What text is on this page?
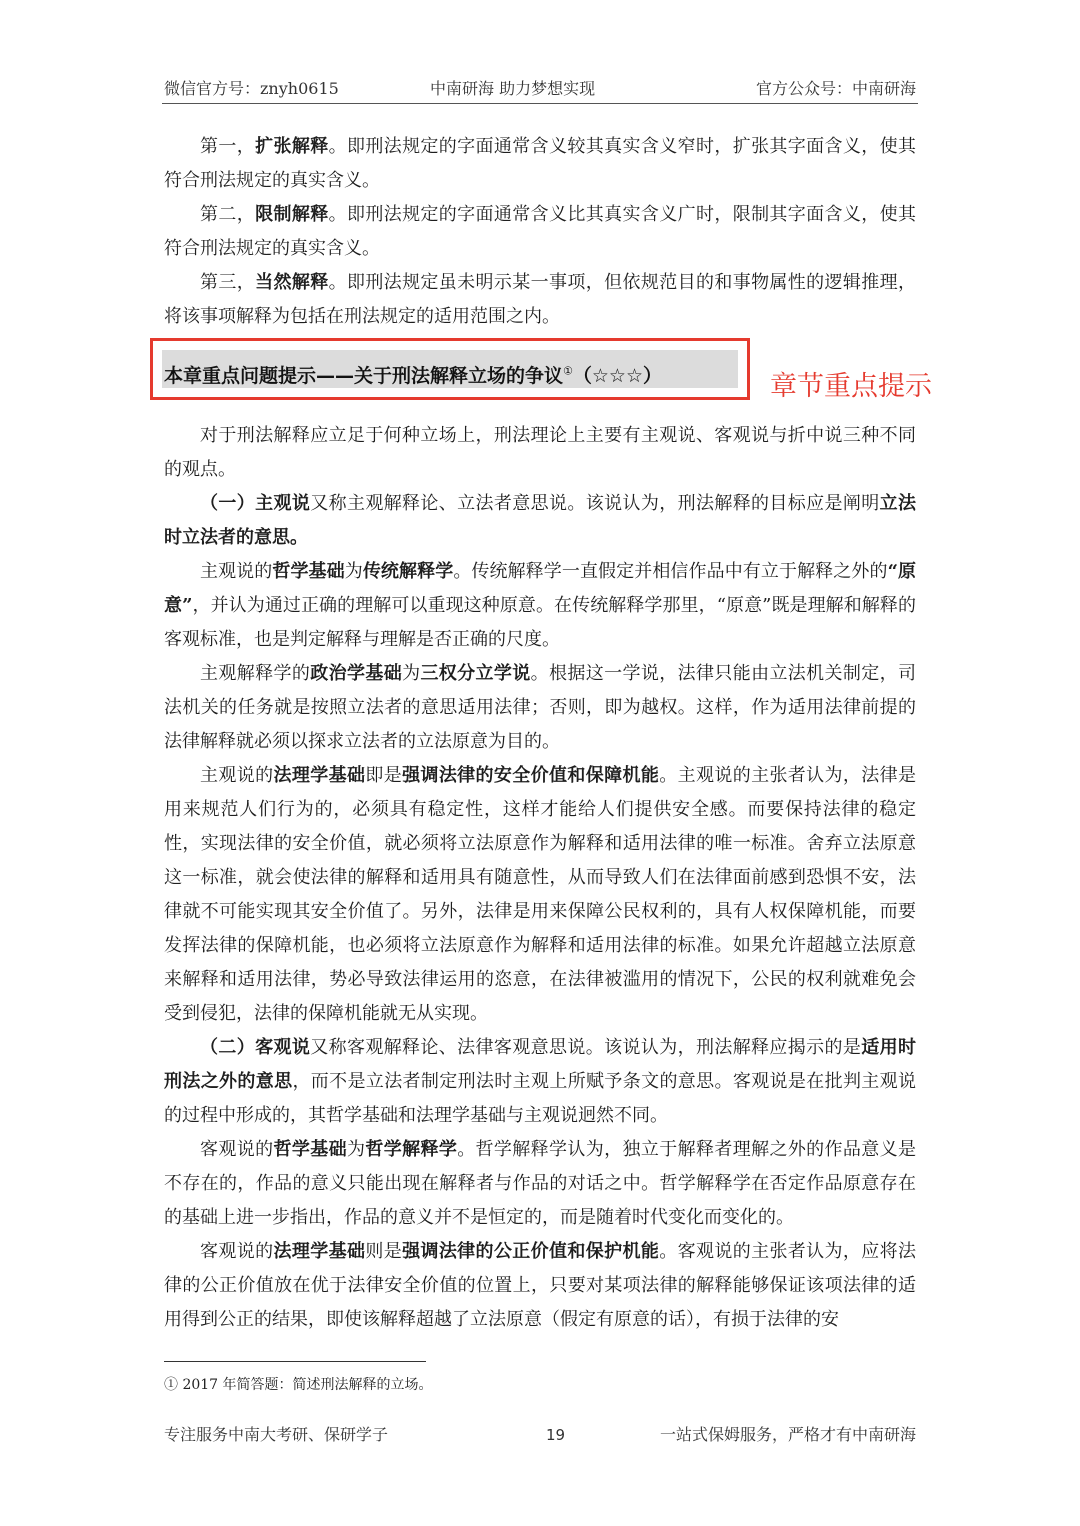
微信官方号：znyh0615	中南研海 助力梦想实现	官方公众号：中南研海

第一，扩张解释。即刑法规定的字面通常含义较其真实含义窄时，扩张其字面含义，使其符合刑法规定的真实含义。

第二，限制解释。即刑法规定的字面通常含义比其真实含义广时，限制其字面含义，使其符合刑法规定的真实含义。

第三，当然解释。即刑法规定虽未明示某一事项，但依规范目的和事物属性的逻辑推理，将该事项解释为包括在刑法规定的适用范围之内。

本章重点问题提示——关于刑法解释立场的争议①（☆☆☆）	章节重点提示

对于刑法解释应立足于何种立场上，刑法理论上主要有主观说、客观说与折中说三种不同的观点。

（一）主观说又称主观解释论、立法者意思说。该说认为，刑法解释的目标应是阐明立法时立法者的意思。

主观说的哲学基础为传统解释学。传统解释学一直假定并相信作品中有立于解释之外的“原意”，并认为通过正确的理解可以重现这种原意。在传统解释学那里，“原意”既是理解和解释的客观标准，也是判定解释与理解是否正确的尺度。

主观解释学的政治学基础为三权分立学说。根据这一学说，法律只能由立法机关制定，司法机关的任务就是按照立法者的意思适用法律；否则，即为越权。这样，作为适用法律前提的法律解释就必须以探求立法者的立法原意为目的。

主观说的法理学基础即是强调法律的安全价值和保障机能。主观说的主张者认为，法律是用来规范人们行为的，必须具有稳定性，这样才能给人们提供安全感。而要保持法律的稳定性，实现法律的安全价值，就必须将立法原意作为解释和适用法律的唯一标准。舍弃立法原意这一标准，就会使法律的解释和适用具有随意性，从而导致人们在法律面前感到恐惧不安，法律就不可能实现其安全价值了。另外，法律是用来保障公民权利的，具有人权保障机能，而要发挥法律的保障机能，也必须将立法原意作为解释和适用法律的标准。如果允许超越立法原意来解释和适用法律，势必导致法律运用的恣意，在法律被滥用的情况下，公民的权利就难免会受到侵犯，法律的保障机能就无从实现。

（二）客观说又称客观解释论、法律客观意思说。该说认为，刑法解释应揭示的是适用时刑法之外的意思，而不是立法者制定刑法时主观上所赋予条文的意思。客观说是在批判主观说的过程中形成的，其哲学基础和法理学基础与主观说迥然不同。

客观说的哲学基础为哲学解释学。哲学解释学认为，独立于解释者理解之外的作品意义是不存在的，作品的意义只能出现在解释者与作品的对话之中。哲学解释学在否定作品原意存在的基础上进一步指出，作品的意义并不是恒定的，而是随着时代变化而变化的。

客观说的法理学基础则是强调法律的公正价值和保护机能。客观说的主张者认为，应将法律的公正价值放在优于法律安全价值的位置上，只要对某项法律的解释能够保证该项法律的适用得到公正的结果，即使该解释超越了立法原意（假定有原意的话），有损于法律的安

① 2017 年简答题：简述刑法解释的立场。
专注服务中南大考研、保研学子	19	一站式保姆服务，严格才有中南研海
